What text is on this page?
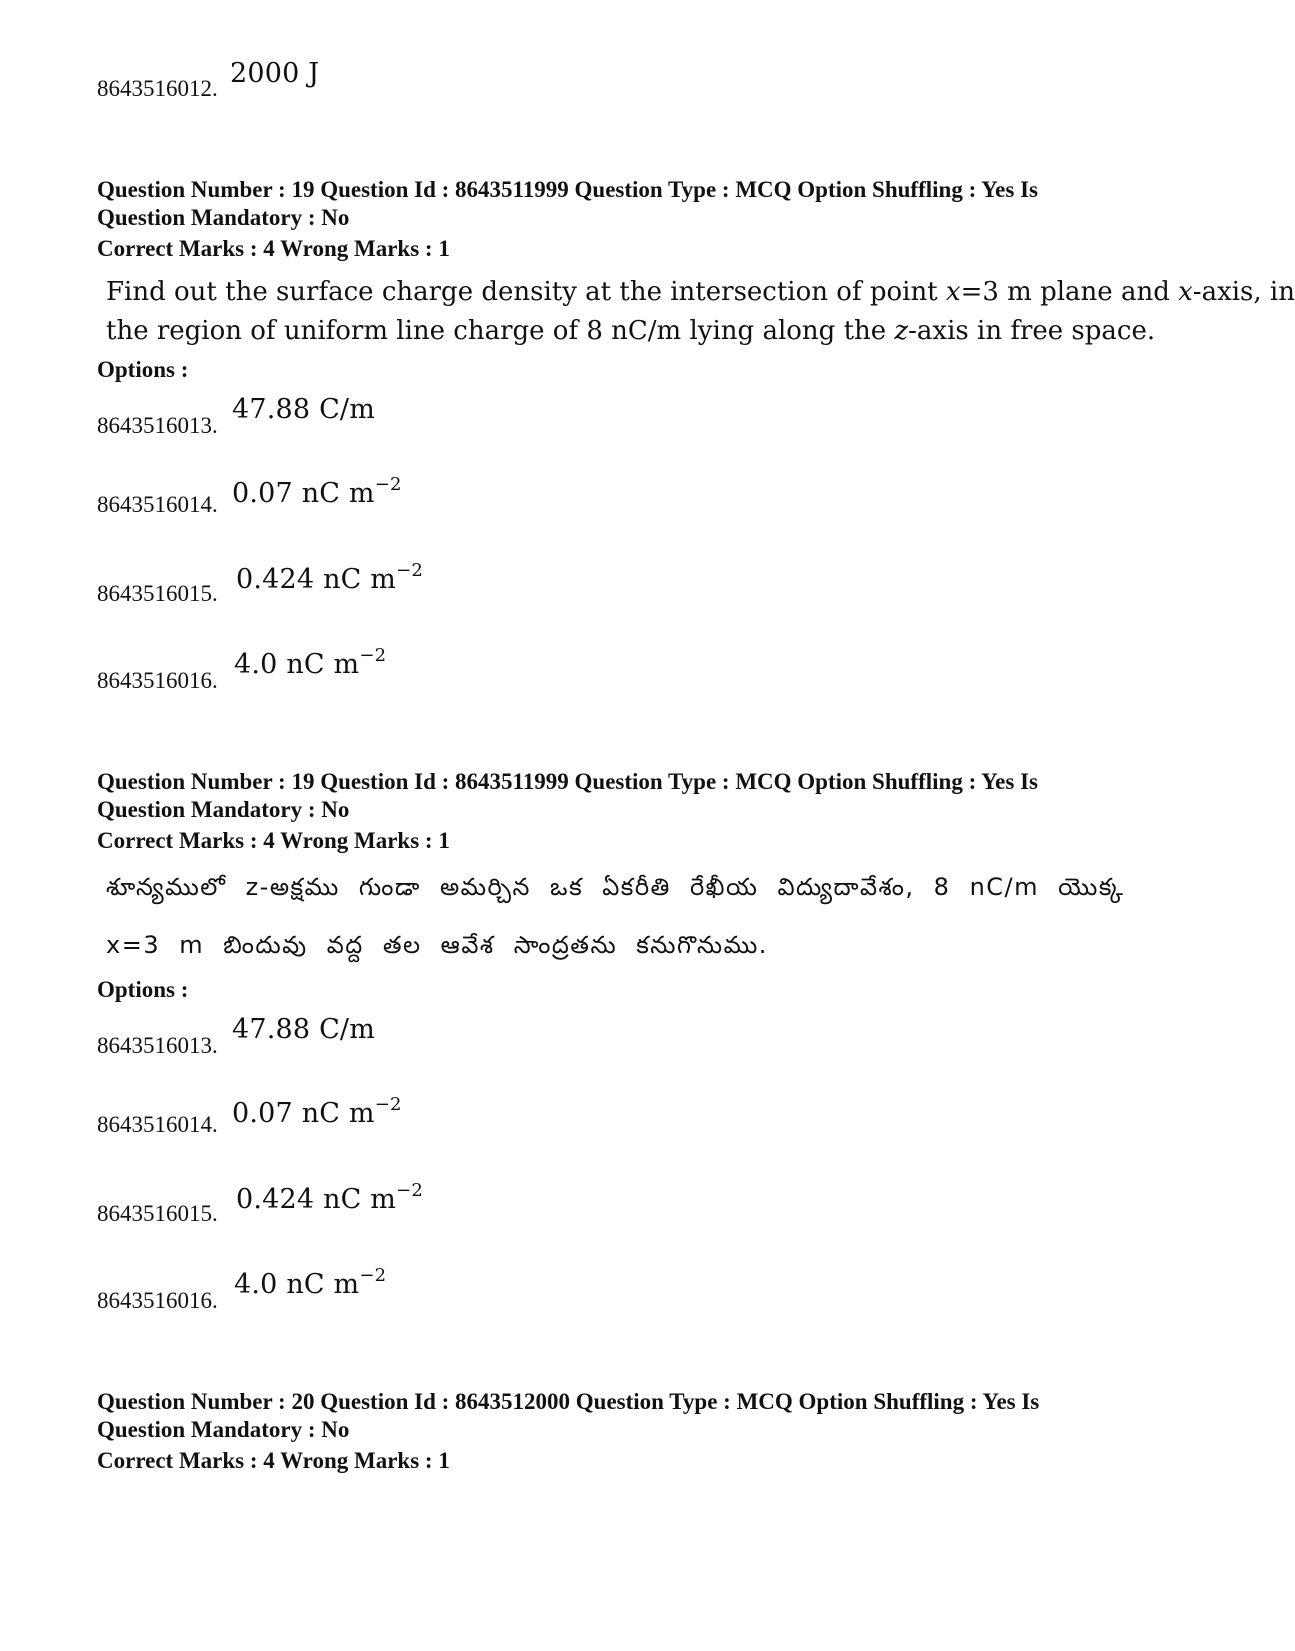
8643516012. 2000 J
Question Number : 19 Question Id : 8643511999 Question Type : MCQ Option Shuffling : Yes Is
Question Mandatory : No
Correct Marks : 4 Wrong Marks : 1
Find out the surface charge density at the intersection of point x=3 m plane and x-axis, in
the region of uniform line charge of 8 nC/m lying along the z-axis in free space.
Options :
8643516013.
47.88 C/m
8643516014. 0.07 nC $m^{-2}$
8643516015. 0.424 nC $m^{-2}$
8643516016.
4.0 nC $m^{-2}$
Question Number : 19 Question Id : 8643511999 Question Type : MCQ Option Shuffling : Yes Is
Question Mandatory : No
Correct Marks : 4 Wrong Marks : 1
శూన్యములో z-అక్షము గుండా అమర్చిన ఒక ఏకరీతి రేఖీయ విద్యుదావేశం, 8 nC/m యొక్క
x=3 m బిందువు వద్ద తల ఆవేశ సాంద్రతను కనుగొనుము.
Options :
8643516013.
47.88 C/m
8643516014. 0.07 nC $m^{-2}$
8643516015. 0.424 nC $m^{-2}$
8643516016.
4.0 nC $m^{-2}$
Question Number : 20 Question Id : 8643512000 Question Type : MCQ Option Shuffling : Yes Is
Question Mandatory : No
Correct Marks : 4 Wrong Marks : 1
